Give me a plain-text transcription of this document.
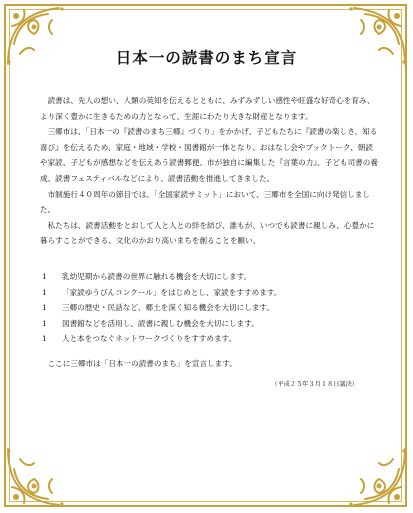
日本一の読書のまち宣言

読書は、先人の想い、人類の英知を伝えるとともに、みずみずしい感性や旺盛な好奇心を育み、より深く豊かに生きるための力となって、生涯にわたり大きな財産となります。

三郷市は、「日本一の『読書のまち三郷』づくり」をかかげ、子どもたちに『読書の楽しさ、知る喜び』を伝えるため、家庭・地域・学校・図書館が一体となり、おはなし会やブックトーク、朝読や家読、子どもが感想などを伝えあう読書郵便、市が独自に編集した『言葉の力』、子ども司書の養成、読書フェスティバルなどにより、読書活動を推進してきました。

市制施行４０周年の節目では、「全国家読サミット」において、三郷市を全国に向け発信しました。

私たちは、読書活動をとおして人と人との絆を結び、誰もが、いつでも読書に親しみ、心豊かに暮らすことができる、文化のかおり高いまちを創ることを願い、

1	乳幼児期から読書の世界に触れる機会を大切にします。
1	「家読ゆうびんコンクール」をはじめとし、家読をすすめます。
1	三郷の歴史・民話など、郷土を深く知る機会を大切にします。
1	図書館などを活用し、読書に親しむ機会を大切にします。
1	人と本をつなぐネットワークづくりをすすめます。

ここに三郷市は「日本一の読書のまち」を宣言します。

（平成２５年３月１８日議決）
